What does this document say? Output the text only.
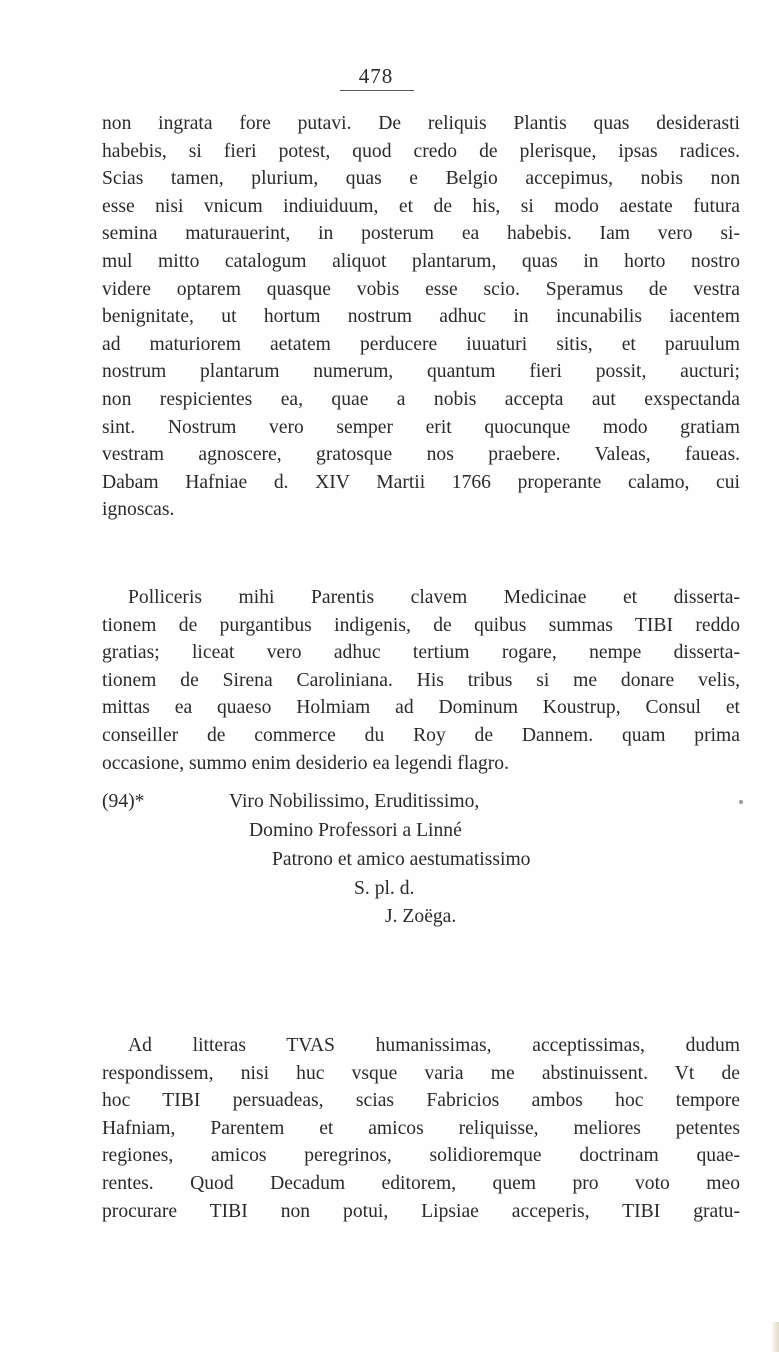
478
non ingrata fore putavi. De reliquis Plantis quas desiderasti
habebis, si fieri potest, quod credo de plerisque, ipsas radices.
Scias tamen, plurium, quas e Belgio accepimus, nobis non
esse nisi vnicum indiuiduum, et de his, si modo aestate futura
semina maturauerint, in posterum ea habebis. Iam vero si-
mul mitto catalogum aliquot plantarum, quas in horto nostro
videre optarem quasque vobis esse scio. Speramus de vestra
benignitate, ut hortum nostrum adhuc in incunabilis iacentem
ad maturiorem aetatem perducere iuuaturi sitis, et paruulum
nostrum plantarum numerum, quantum fieri possit, aucturi;
non respicientes ea, quae a nobis accepta aut exspectanda
sint. Nostrum vero semper erit quocunque modo gratiam
vestram agnoscere, gratosque nos praebere. Valeas, faueas.
Dabam Hafniae d. XIV Martii 1766 properante calamo, cui
ignoscas.
Polliceris mihi Parentis clavem Medicinae et disserta-
tionem de purgantibus indigenis, de quibus summas TIBI reddo
gratias; liceat vero adhuc tertium rogare, nempe disserta-
tionem de Sirena Caroliniana. His tribus si me donare velis,
mittas ea quaeso Holmiam ad Dominum Koustrup, Consul et
conseiller de commerce du Roy de Dannem. quam prima
occasione, summo enim desiderio ea legendi flagro.
(94)*	Viro Nobilissimo, Eruditissimo,
Domino Professori a Linné
Patrono et amico aestumatissimo
S. pl. d.
J. Zoëga.
Ad litteras TVAS humanissimas, acceptissimas, dudum
respondissem, nisi huc vsque varia me abstinuissent. Vt de
hoc TIBI persuadeas, scias Fabricios ambos hoc tempore
Hafniam, Parentem et amicos reliquisse, meliores petentes
regiones, amicos peregrinos, solidioremque doctrinam quae-
rentes. Quod Decadum editorem, quem pro voto meo
procurare TIBI non potui, Lipsiae acceperis, TIBI gratu-
